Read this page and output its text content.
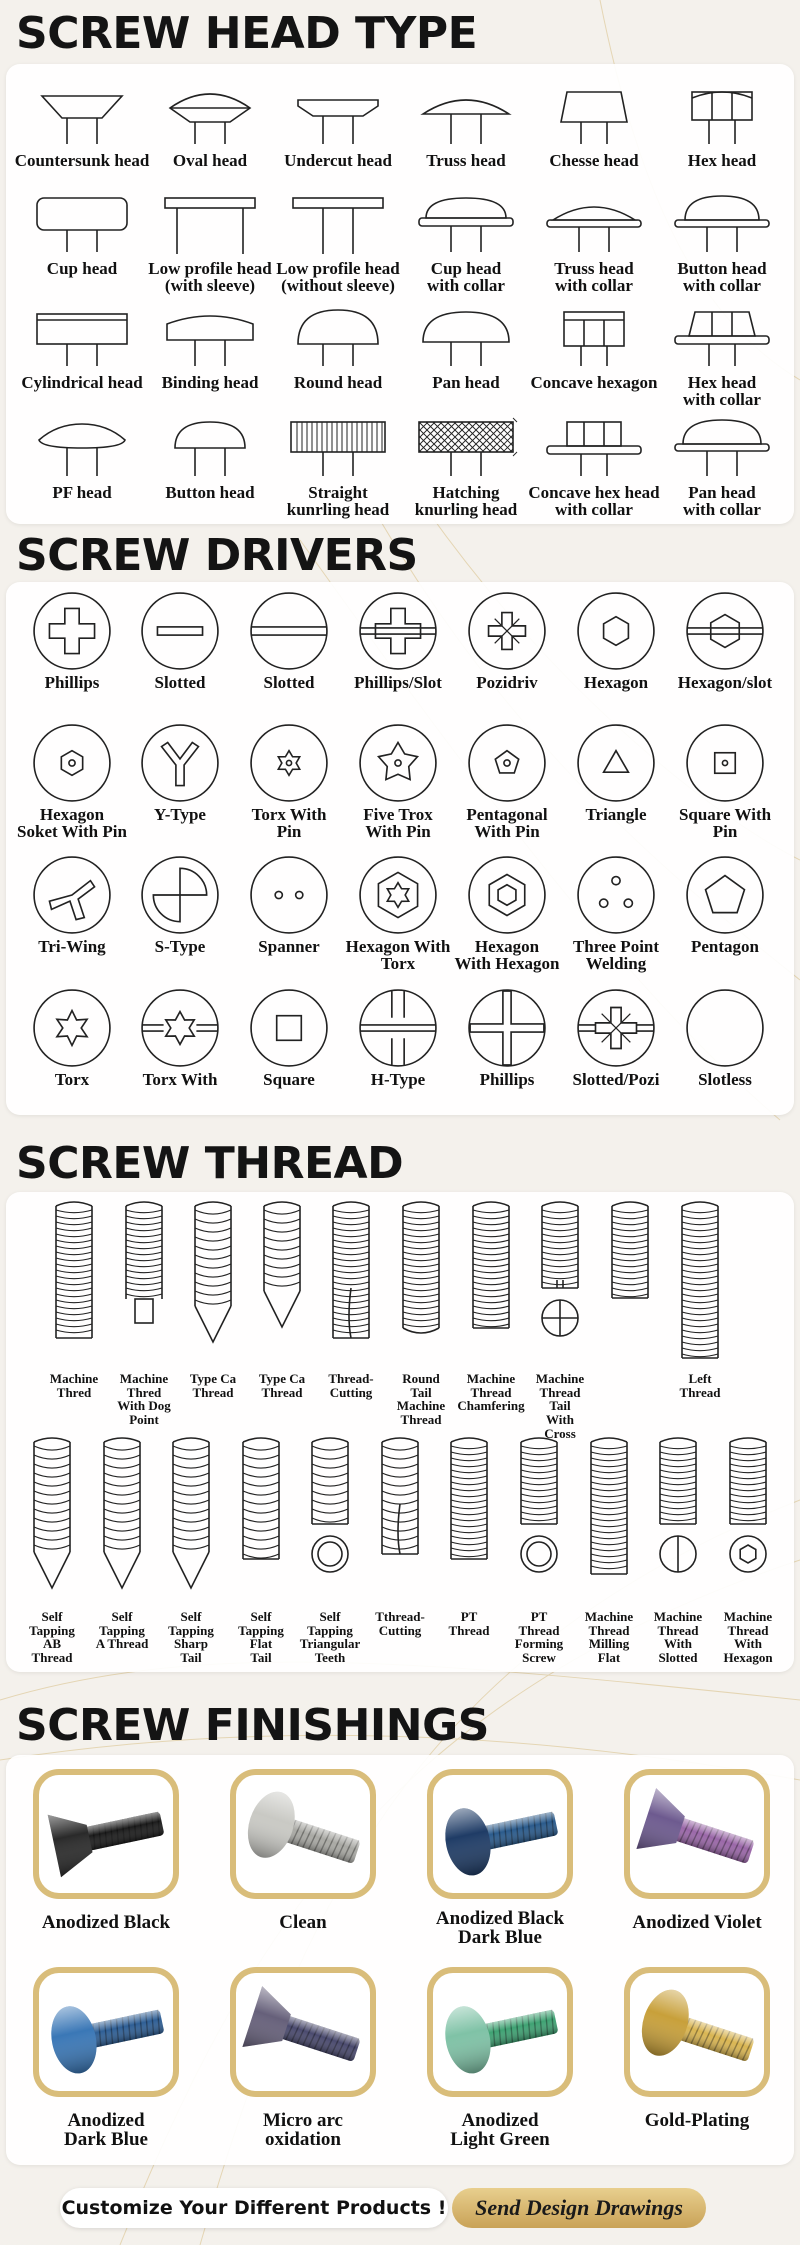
SCREW HEAD TYPE
Countersunk head	Oval head	Undercut head	Truss head	Chesse head	Hex head
Cup head	Low profile head
(with sleeve)
Low profile head
(without sleeve)
Cup head
with collar
Truss head
with collar
Button head
with collar
Cylindrical head	Binding head	Round head	Pan head	Concave hexagon	Hex head
with collar
PF head	Button head	Straight
kunrling head
Hatching
knurling head
Concave hex head
with collar
Pan head
with collar
SCREW DRIVERS
Phillips	Slotted	Slotted	Phillips/Slot	Pozidriv	Hexagon	Hexagon/slot
Hexagon
Soket With Pin
Y-Type	Torx With
Pin
Five Trox
With Pin
Pentagonal
With Pin
Triangle	Square With
Pin
Tri-Wing	S-Type	Spanner	Hexagon With
Torx
Hexagon
With Hexagon
Three Point
Welding
Pentagon
Torx	Torx With	Square	H-Type	Phillips	Slotted/Pozi	Slotless
SCREW THREAD
Machine
Thred
Machine
Thred
With Dog
Point
Type Ca
Thread
Type Ca
Thread
Thread-
Cutting
Round
Tail
Machine
Thread
Machine
Thread
Chamfering
Machine
Thread
Tail
With
Cross
Left
Thread
Self
Tapping
AB
Thread
Self
Tapping
A Thread
Self
Tapping
Sharp
Tail
Self
Tapping
Flat
Tail
Self
Tapping
Triangular
Teeth
Tthread-
Cutting
PT
Thread
PT
Thread
Forming
Screw
Machine
Thread
Milling
Flat
Machine
Thread
With
Slotted
Machine
Thread
With
Hexagon
SCREW FINISHINGS
Anodized Black	Clean	Anodized Black
Dark Blue
Anodized Violet
Anodized
Dark Blue
Micro arc
oxidation
Anodized
Light Green
Gold-Plating
Customize Your Different Products !	Send Design Drawings
